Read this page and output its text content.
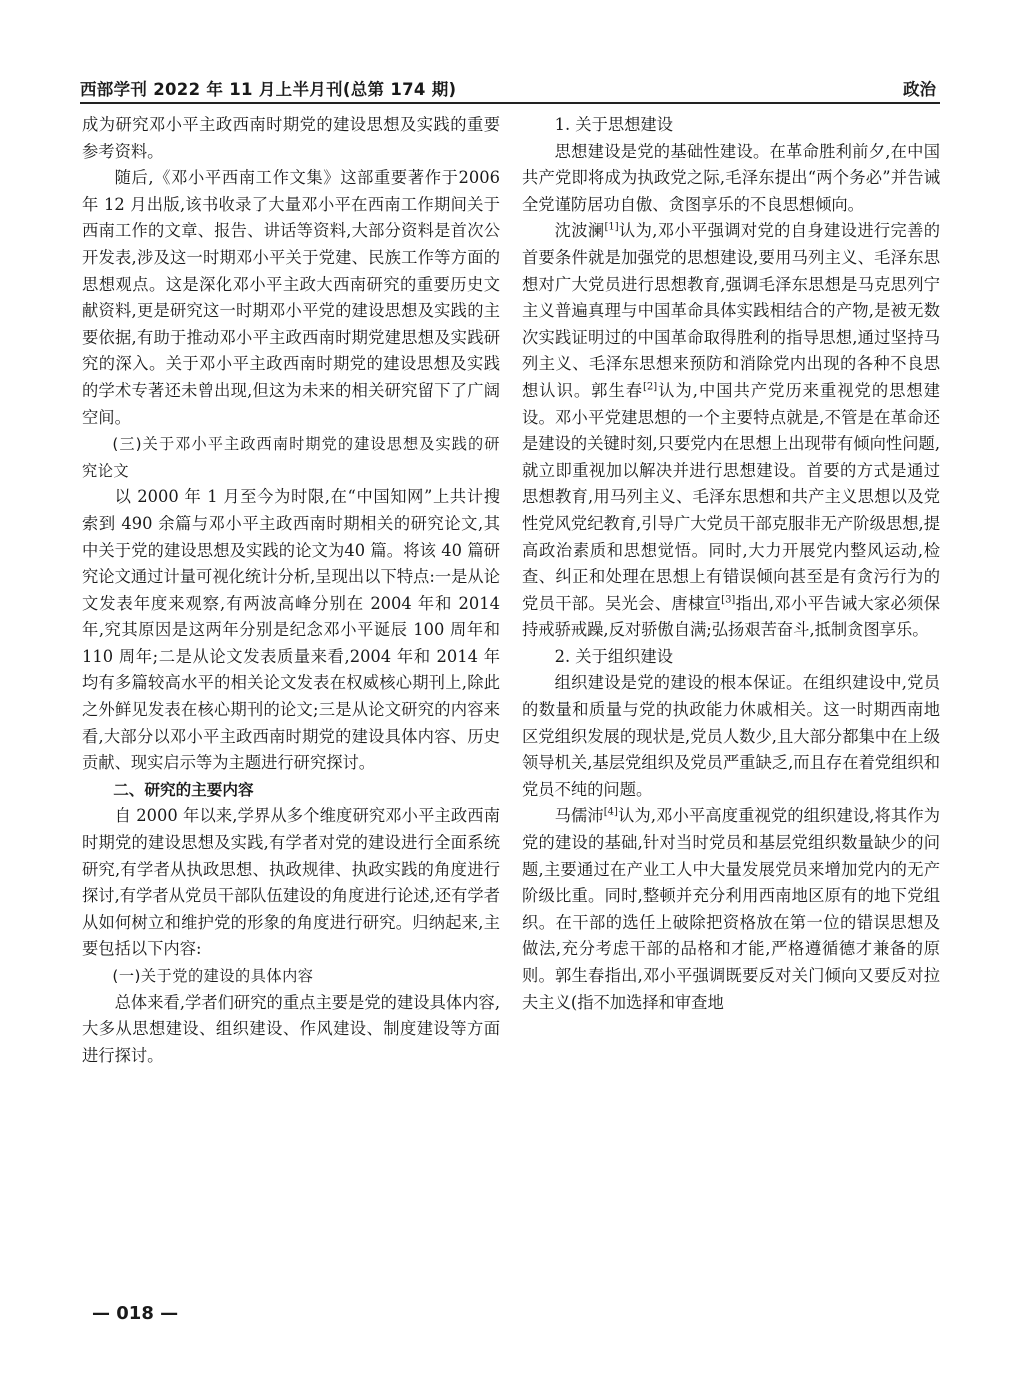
西部学刊 2022 年 11 月上半月刊(总第 174 期)	政治

成为研究邓小平主政西南时期党的建设思想及实践的重要参考资料。

随后,《邓小平西南工作文集》这部重要著作于2006 年 12 月出版,该书收录了大量邓小平在西南工作期间关于西南工作的文章、报告、讲话等资料,大部分资料是首次公开发表,涉及这一时期邓小平关于党建、民族工作等方面的思想观点。这是深化邓小平主政大西南研究的重要历史文献资料,更是研究这一时期邓小平党的建设思想及实践的主要依据,有助于推动邓小平主政西南时期党建思想及实践研究的深入。关于邓小平主政西南时期党的建设思想及实践的学术专著还未曾出现,但这为未来的相关研究留下了广阔空间。

(三)关于邓小平主政西南时期党的建设思想及实践的研究论文

以 2000 年 1 月至今为时限,在“中国知网”上共计搜索到 490 余篇与邓小平主政西南时期相关的研究论文,其中关于党的建设思想及实践的论文为40 篇。将该 40 篇研究论文通过计量可视化统计分析,呈现出以下特点:一是从论文发表年度来观察,有两波高峰分别在 2004 年和 2014 年,究其原因是这两年分别是纪念邓小平诞辰 100 周年和 110 周年;二是从论文发表质量来看,2004 年和 2014 年均有多篇较高水平的相关论文发表在权威核心期刊上,除此之外鲜见发表在核心期刊的论文;三是从论文研究的内容来看,大部分以邓小平主政西南时期党的建设具体内容、历史贡献、现实启示等为主题进行研究探讨。

二、研究的主要内容

自 2000 年以来,学界从多个维度研究邓小平主政西南时期党的建设思想及实践,有学者对党的建设进行全面系统研究,有学者从执政思想、执政规律、执政实践的角度进行探讨,有学者从党员干部队伍建设的角度进行论述,还有学者从如何树立和维护党的形象的角度进行研究。归纳起来,主要包括以下内容:

(一)关于党的建设的具体内容

总体来看,学者们研究的重点主要是党的建设具体内容,大多从思想建设、组织建设、作风建设、制度建设等方面进行探讨。

1. 关于思想建设

思想建设是党的基础性建设。在革命胜利前夕,在中国共产党即将成为执政党之际,毛泽东提出“两个务必”并告诫全党谨防居功自傲、贪图享乐的不良思想倾向。

沈波澜[1]认为,邓小平强调对党的自身建设进行完善的首要条件就是加强党的思想建设,要用马列主义、毛泽东思想对广大党员进行思想教育,强调毛泽东思想是马克思列宁主义普遍真理与中国革命具体实践相结合的产物,是被无数次实践证明过的中国革命取得胜利的指导思想,通过坚持马列主义、毛泽东思想来预防和消除党内出现的各种不良思想认识。郭生春[2]认为,中国共产党历来重视党的思想建设。邓小平党建思想的一个主要特点就是,不管是在革命还是建设的关键时刻,只要党内在思想上出现带有倾向性问题,就立即重视加以解决并进行思想建设。首要的方式是通过思想教育,用马列主义、毛泽东思想和共产主义思想以及党性党风党纪教育,引导广大党员干部克服非无产阶级思想,提高政治素质和思想觉悟。同时,大力开展党内整风运动,检查、纠正和处理在思想上有错误倾向甚至是有贪污行为的党员干部。吴光会、唐棣宣[3]指出,邓小平告诫大家必须保持戒骄戒躁,反对骄傲自满;弘扬艰苦奋斗,抵制贪图享乐。

2. 关于组织建设

组织建设是党的建设的根本保证。在组织建设中,党员的数量和质量与党的执政能力休戚相关。这一时期西南地区党组织发展的现状是,党员人数少,且大部分都集中在上级领导机关,基层党组织及党员严重缺乏,而且存在着党组织和党员不纯的问题。

马儒沛[4]认为,邓小平高度重视党的组织建设,将其作为党的建设的基础,针对当时党员和基层党组织数量缺少的问题,主要通过在产业工人中大量发展党员来增加党内的无产阶级比重。同时,整顿并充分利用西南地区原有的地下党组织。在干部的选任上破除把资格放在第一位的错误思想及做法,充分考虑干部的品格和才能,严格遵循德才兼备的原则。郭生春指出,邓小平强调既要反对关门倾向又要反对拉夫主义(指不加选择和审查地

— 018 —
